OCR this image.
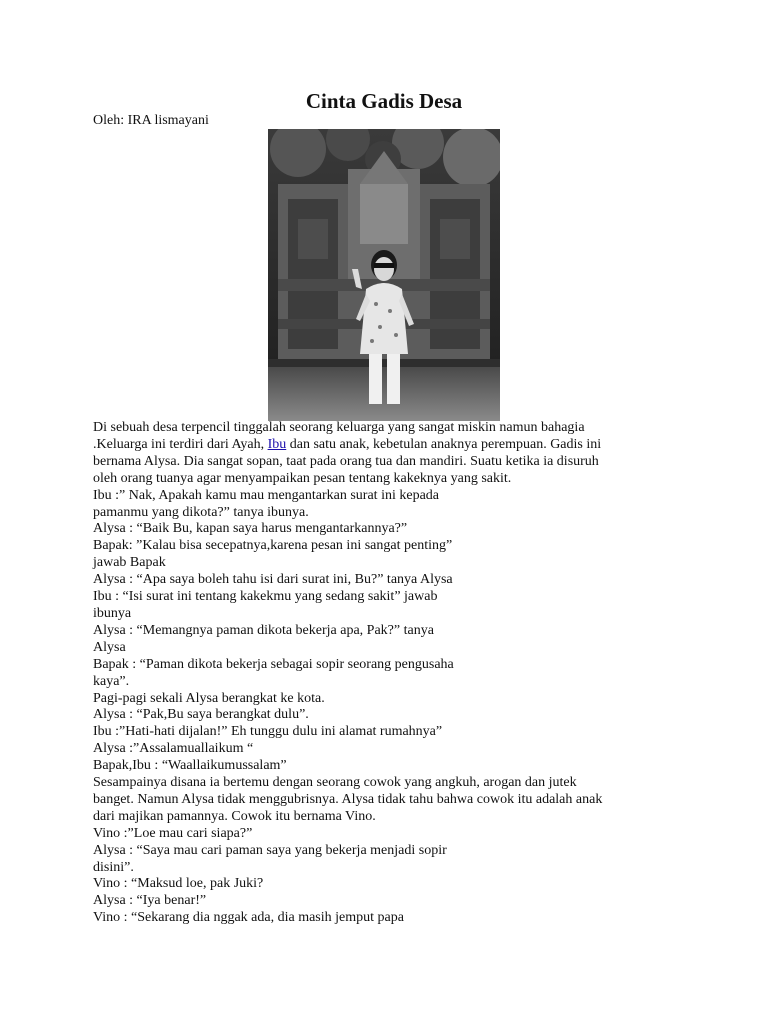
Cinta Gadis Desa
Oleh: IRA lismayani
Di sebuah desa terpencil tinggalah seorang keluarga yang sangat miskin namun bahagia
.Keluarga ini terdiri dari Ayah, Ibu dan satu anak, kebetulan anaknya perempuan. Gadis ini
bernama Alysa. Dia sangat sopan, taat pada orang tua dan mandiri. Suatu ketika ia disuruh
oleh orang tuanya agar menyampaikan pesan tentang kakeknya yang sakit.
Ibu :” Nak, Apakah kamu mau mengantarkan surat ini kepada
pamanmu yang dikota?” tanya ibunya.
Alysa : “Baik Bu, kapan saya harus mengantarkannya?”
Bapak: ”Kalau bisa secepatnya,karena pesan ini sangat penting”
jawab Bapak
Alysa : “Apa saya boleh tahu isi dari surat ini, Bu?” tanya Alysa
Ibu : “Isi surat ini tentang kakekmu yang sedang sakit” jawab
ibunya
Alysa : “Memangnya paman dikota bekerja apa, Pak?” tanya
Alysa
Bapak : “Paman dikota bekerja sebagai sopir seorang pengusaha
kaya”.
Pagi-pagi sekali Alysa berangkat ke kota.
Alysa : “Pak,Bu saya berangkat dulu”.
Ibu :”Hati-hati dijalan!” Eh tunggu dulu ini alamat rumahnya”
Alysa :”Assalamuallaikum “
Bapak,Ibu : “Waallaikumussalam”
Sesampainya disana ia bertemu dengan seorang cowok yang angkuh, arogan dan jutek
banget. Namun Alysa tidak menggubrisnya. Alysa tidak tahu bahwa cowok itu adalah anak
dari majikan pamannya. Cowok itu bernama Vino.
Vino :”Loe mau cari siapa?”
Alysa : “Saya mau cari paman saya yang bekerja menjadi sopir
disini”.
Vino : “Maksud loe, pak Juki?
Alysa : “Iya benar!”
Vino : “Sekarang dia nggak ada, dia masih jemput papa
